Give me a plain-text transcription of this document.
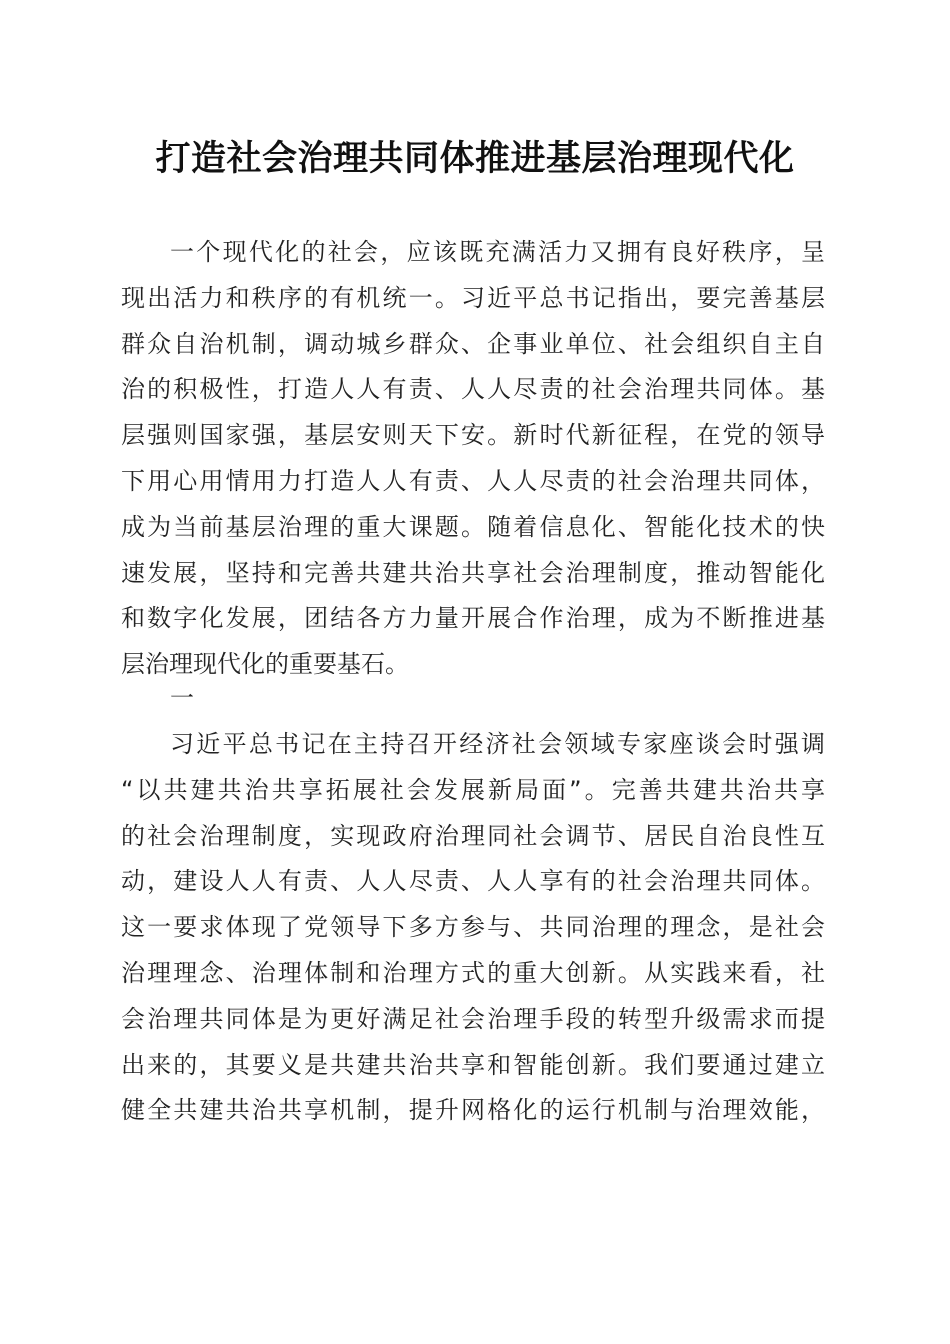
打造社会治理共同体推进基层治理现代化
一个现代化的社会，应该既充满活力又拥有良好秩序，呈
现出活力和秩序的有机统一。习近平总书记指出，要完善基层
群众自治机制，调动城乡群众、企事业单位、社会组织自主自
治的积极性，打造人人有责、人人尽责的社会治理共同体。基
层强则国家强，基层安则天下安。新时代新征程，在党的领导
下用心用情用力打造人人有责、人人尽责的社会治理共同体，
成为当前基层治理的重大课题。随着信息化、智能化技术的快
速发展，坚持和完善共建共治共享社会治理制度，推动智能化
和数字化发展，团结各方力量开展合作治理，成为不断推进基
层治理现代化的重要基石。
一
习近平总书记在主持召开经济社会领域专家座谈会时强调
“以共建共治共享拓展社会发展新局面”。完善共建共治共享
的社会治理制度，实现政府治理同社会调节、居民自治良性互
动，建设人人有责、人人尽责、人人享有的社会治理共同体。
这一要求体现了党领导下多方参与、共同治理的理念，是社会
治理理念、治理体制和治理方式的重大创新。从实践来看，社
会治理共同体是为更好满足社会治理手段的转型升级需求而提
出来的，其要义是共建共治共享和智能创新。我们要通过建立
健全共建共治共享机制，提升网格化的运行机制与治理效能，
